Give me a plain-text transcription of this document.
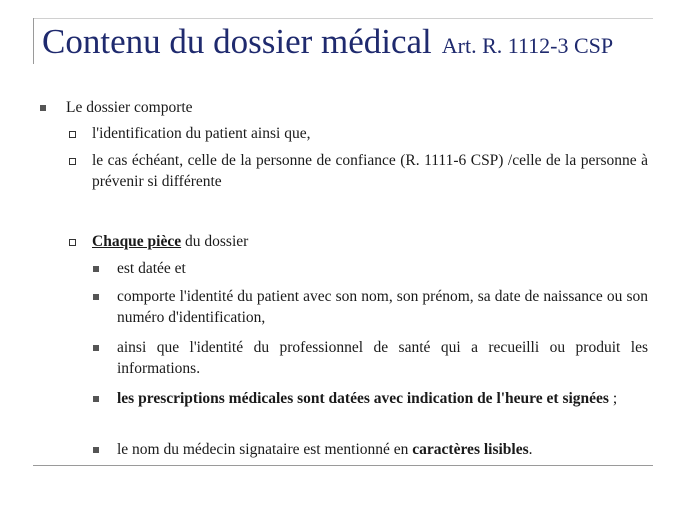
Contenu du dossier médical Art. R. 1112-3 CSP
Le dossier comporte
l'identification du patient ainsi que,
le cas échéant, celle de la personne de confiance (R. 1111-6 CSP) /celle de la personne à prévenir si différente
Chaque pièce du dossier
est datée et
comporte l'identité du patient avec son nom, son prénom, sa date de naissance ou son numéro d'identification,
ainsi que l'identité du professionnel de santé qui a recueilli ou produit les informations.
les prescriptions médicales sont datées avec indication de l'heure et signées ;
le nom du médecin signataire est mentionné en caractères lisibles.
